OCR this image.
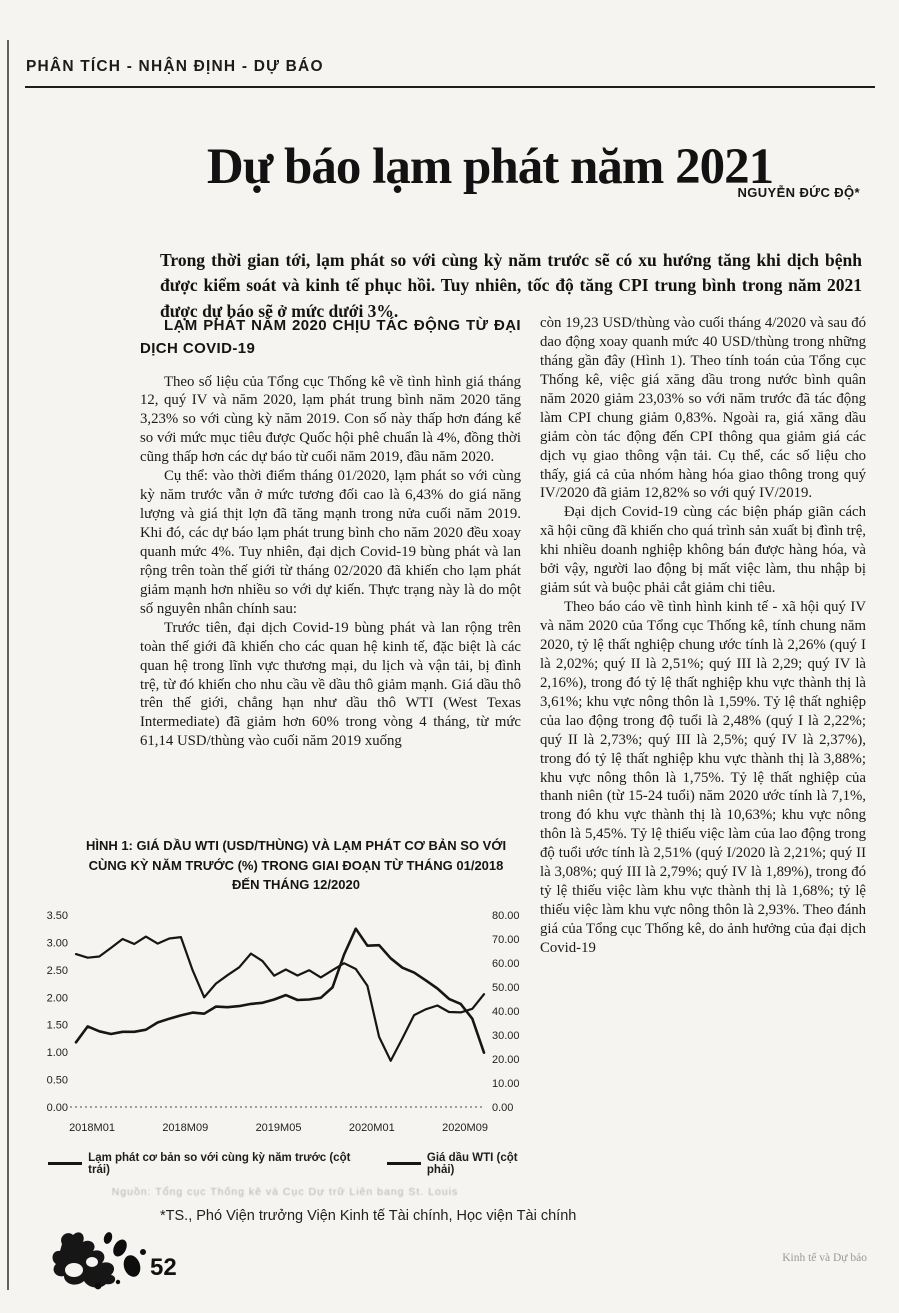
PHÂN TÍCH - NHẬN ĐỊNH - DỰ BÁO
Dự báo lạm phát năm 2021
NGUYỄN ĐỨC ĐỘ*

Trong thời gian tới, lạm phát so với cùng kỳ năm trước sẽ có xu hướng tăng khi dịch bệnh được kiểm soát và kinh tế phục hồi. Tuy nhiên, tốc độ tăng CPI trung bình trong năm 2021 được dự báo sẽ ở mức dưới 3%.

LẠM PHÁT NĂM 2020 CHỊU TÁC ĐỘNG TỪ ĐẠI DỊCH COVID-19

Theo số liệu của Tổng cục Thống kê về tình hình giá tháng 12, quý IV và năm 2020, lạm phát trung bình năm 2020 tăng 3,23% so với cùng kỳ năm 2019. Con số này thấp hơn đáng kể so với mức mục tiêu được Quốc hội phê chuẩn là 4%, đồng thời cũng thấp hơn các dự báo từ cuối năm 2019, đầu năm 2020.

Cụ thể: vào thời điểm tháng 01/2020, lạm phát so với cùng kỳ năm trước vẫn ở mức tương đối cao là 6,43% do giá năng lượng và giá thịt lợn đã tăng mạnh trong nửa cuối năm 2019. Khi đó, các dự báo lạm phát trung bình cho năm 2020 đều xoay quanh mức 4%. Tuy nhiên, đại dịch Covid-19 bùng phát và lan rộng trên toàn thế giới từ tháng 02/2020 đã khiến cho lạm phát giảm mạnh hơn nhiều so với dự kiến. Thực trạng này là do một số nguyên nhân chính sau:

Trước tiên, đại dịch Covid-19 bùng phát và lan rộng trên toàn thế giới đã khiến cho các quan hệ kinh tế, đặc biệt là các quan hệ trong lĩnh vực thương mại, du lịch và vận tải, bị đình trệ, từ đó khiến cho nhu cầu về dầu thô giảm mạnh. Giá dầu thô trên thế giới, chẳng hạn như dầu thô WTI (West Texas Intermediate) đã giảm hơn 60% trong vòng 4 tháng, từ mức 61,14 USD/thùng vào cuối năm 2019 xuống

còn 19,23 USD/thùng vào cuối tháng 4/2020 và sau đó dao động xoay quanh mức 40 USD/thùng trong những tháng gần đây (Hình 1). Theo tính toán của Tổng cục Thống kê, việc giá xăng dầu trong nước bình quân năm 2020 giảm 23,03% so với năm trước đã tác động làm CPI chung giảm 0,83%. Ngoài ra, giá xăng dầu giảm còn tác động đến CPI thông qua giảm giá các dịch vụ giao thông vận tải. Cụ thể, các số liệu cho thấy, giá cả của nhóm hàng hóa giao thông trong quý IV/2020 đã giảm 12,82% so với quý IV/2019.

Đại dịch Covid-19 cùng các biện pháp giãn cách xã hội cũng đã khiến cho quá trình sản xuất bị đình trệ, khi nhiều doanh nghiệp không bán được hàng hóa, và bởi vậy, người lao động bị mất việc làm, thu nhập bị giảm sút và buộc phải cắt giảm chi tiêu.

Theo báo cáo về tình hình kinh tế - xã hội quý IV và năm 2020 của Tổng cục Thống kê, tính chung năm 2020, tỷ lệ thất nghiệp chung ước tính là 2,26% (quý I là 2,02%; quý II là 2,51%; quý III là 2,29; quý IV là 2,16%), trong đó tỷ lệ thất nghiệp khu vực thành thị là 3,61%; khu vực nông thôn là 1,59%. Tỷ lệ thất nghiệp của lao động trong độ tuổi là 2,48% (quý I là 2,22%; quý II là 2,73%; quý III là 2,5%; quý IV là 2,37%), trong đó tỷ lệ thất nghiệp khu vực thành thị là 3,88%; khu vực nông thôn là 1,75%. Tỷ lệ thất nghiệp của thanh niên (từ 15-24 tuổi) năm 2020 ước tính là 7,1%, trong đó khu vực thành thị là 10,63%; khu vực nông thôn là 5,45%. Tỷ lệ thiếu việc làm của lao động trong độ tuổi ước tính là 2,51% (quý I/2020 là 2,21%; quý II là 3,08%; quý III là 2,79%; quý IV là 1,89%), trong đó tỷ lệ thiếu việc làm khu vực thành thị là 1,68%; tỷ lệ thiếu việc làm khu vực nông thôn là 2,93%. Theo đánh giá của Tổng cục Thống kê, do ảnh hưởng của đại dịch Covid-19

HÌNH 1: GIÁ DẦU WTI (USD/THÙNG) VÀ LẠM PHÁT CƠ BẢN SO VỚI CÙNG KỲ NĂM TRƯỚC (%) TRONG GIAI ĐOẠN TỪ THÁNG 01/2018 ĐẾN THÁNG 12/2020
3.50
3.00
2.50
2.00
1.50
1.00
0.50
0.00
80.00
70.00
60.00
50.00
40.00
30.00
20.00
10.00
0.00
2018M01	2018M09	2019M05	2020M01	2020M09
Lạm phát cơ bản so với cùng kỳ năm trước (cột trái)
Giá dầu WTI (cột phải)
Nguồn: Tổng cục Thống kê và Cục Dự trữ Liên bang St. Louis
*TS., Phó Viện trưởng Viện Kinh tế Tài chính, Học viện Tài chính
52	Kinh tế và Dự báo
